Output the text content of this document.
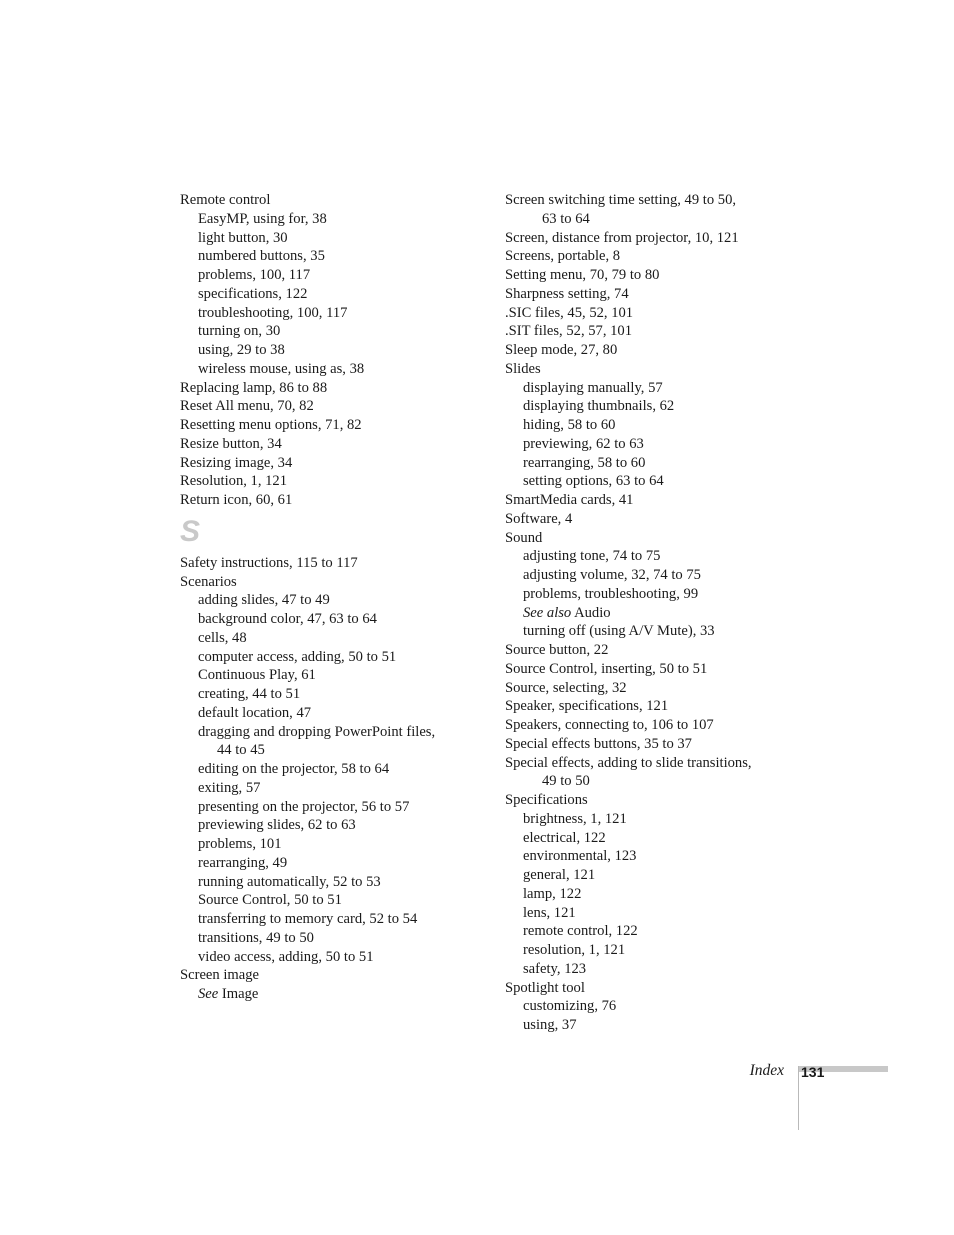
Remote control
EasyMP, using for, 38
light button, 30
numbered buttons, 35
problems, 100, 117
specifications, 122
troubleshooting, 100, 117
turning on, 30
using, 29 to 38
wireless mouse, using as, 38
Replacing lamp, 86 to 88
Reset All menu, 70, 82
Resetting menu options, 71, 82
Resize button, 34
Resizing image, 34
Resolution, 1, 121
Return icon, 60, 61
S
Safety instructions, 115 to 117
Scenarios
adding slides, 47 to 49
background color, 47, 63 to 64
cells, 48
computer access, adding, 50 to 51
Continuous Play, 61
creating, 44 to 51
default location, 47
dragging and dropping PowerPoint files,
44 to 45
editing on the projector, 58 to 64
exiting, 57
presenting on the projector, 56 to 57
previewing slides, 62 to 63
problems, 101
rearranging, 49
running automatically, 52 to 53
Source Control, 50 to 51
transferring to memory card, 52 to 54
transitions, 49 to 50
video access, adding, 50 to 51
Screen image
See Image
Screen switching time setting, 49 to 50,
63 to 64
Screen, distance from projector, 10, 121
Screens, portable, 8
Setting menu, 70, 79 to 80
Sharpness setting, 74
.SIC files, 45, 52, 101
.SIT files, 52, 57, 101
Sleep mode, 27, 80
Slides
displaying manually, 57
displaying thumbnails, 62
hiding, 58 to 60
previewing, 62 to 63
rearranging, 58 to 60
setting options, 63 to 64
SmartMedia cards, 41
Software, 4
Sound
adjusting tone, 74 to 75
adjusting volume, 32, 74 to 75
problems, troubleshooting, 99
See also Audio
turning off (using A/V Mute), 33
Source button, 22
Source Control, inserting, 50 to 51
Source, selecting, 32
Speaker, specifications, 121
Speakers, connecting to, 106 to 107
Special effects buttons, 35 to 37
Special effects, adding to slide transitions,
49 to 50
Specifications
brightness, 1, 121
electrical, 122
environmental, 123
general, 121
lamp, 122
lens, 121
remote control, 122
resolution, 1, 121
safety, 123
Spotlight tool
customizing, 76
using, 37
Index 131
